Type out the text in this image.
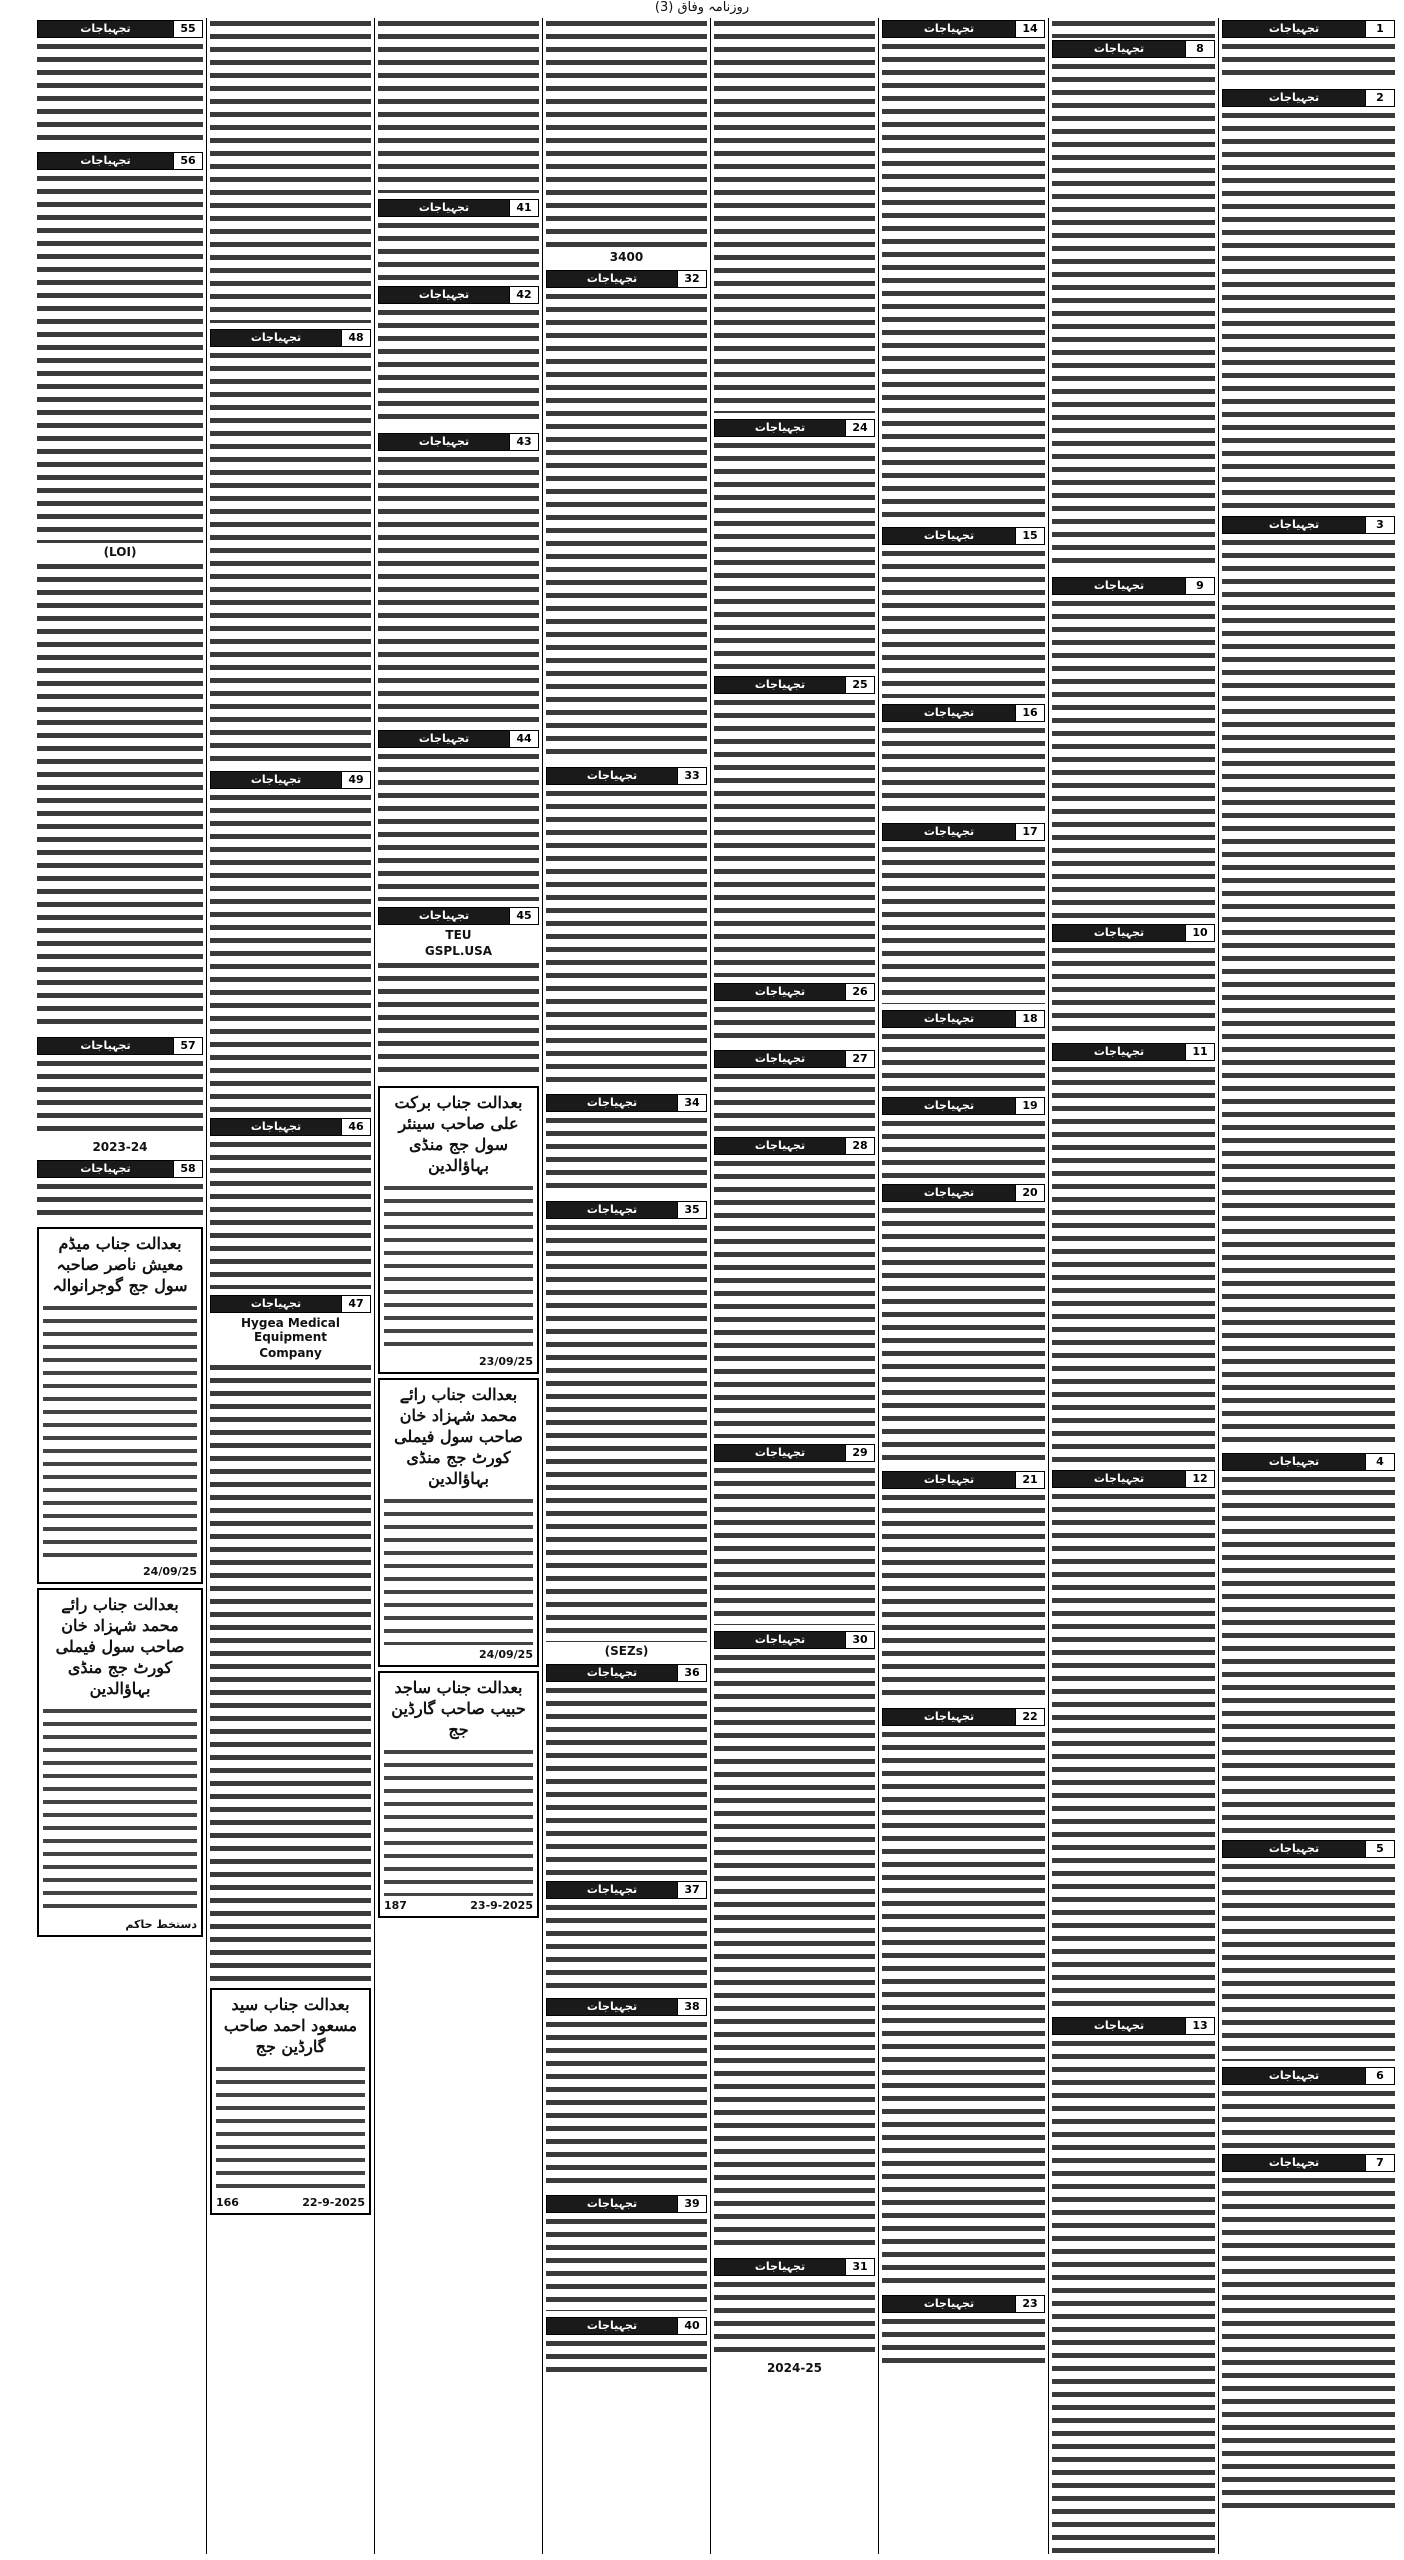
روزنامہ وفاق (3)
1
تجہیاجات
2
تجہیاجات
3
تجہیاجات
4
تجہیاجات
5
تجہیاجات
6
تجہیاجات
7
تجہیاجات
8
تجہیاجات
9
تجہیاجات
10
تجہیاجات
11
تجہیاجات
12
تجہیاجات
13
تجہیاجات
14
تجہیاجات
15
تجہیاجات
16
تجہیاجات
17
تجہیاجات
18
تجہیاجات
19
تجہیاجات
20
تجہیاجات
21
تجہیاجات
22
تجہیاجات
23
تجہیاجات
24
تجہیاجات
25
تجہیاجات
26
تجہیاجات
27
تجہیاجات
28
تجہیاجات
29
تجہیاجات
30
تجہیاجات
31
تجہیاجات
2024-25
3400
32
تجہیاجات
33
تجہیاجات
34
تجہیاجات
35
تجہیاجات
(SEZs)
36
تجہیاجات
37
تجہیاجات
38
تجہیاجات
39
تجہیاجات
40
تجہیاجات
41
تجہیاجات
42
تجہیاجات
43
تجہیاجات
44
تجہیاجات
45
تجہیاجات
TEU
GSPL.USA
بعدالت جناب برکت علی صاحب سینئر سول جج منڈی بہاؤالدین
23/09/25
بعدالت جناب رائے محمد شہزاد خان صاحب سول فیملی کورٹ جج منڈی بہاؤالدین
24/09/25
بعدالت جناب ساجد حبیب صاحب گارڈین جج
23-9-2025
187
48
تجہیاجات
49
تجہیاجات
46
تجہیاجات
47
تجہیاجات
Hygea Medical Equipment
Company
بعدالت جناب سید مسعود احمد صاحب گارڈین جج
22-9-2025
166
55
تجہیاجات
56
تجہیاجات
(LOI)
57
تجہیاجات
2023-24
58
تجہیاجات
بعدالت جناب میڈم معیش ناصر صاحبہ سول جج گوجرانوالہ
24/09/25
بعدالت جناب رائے محمد شہزاد خان صاحب سول فیملی کورٹ جج منڈی بہاؤالدین
دستخط حاکم
